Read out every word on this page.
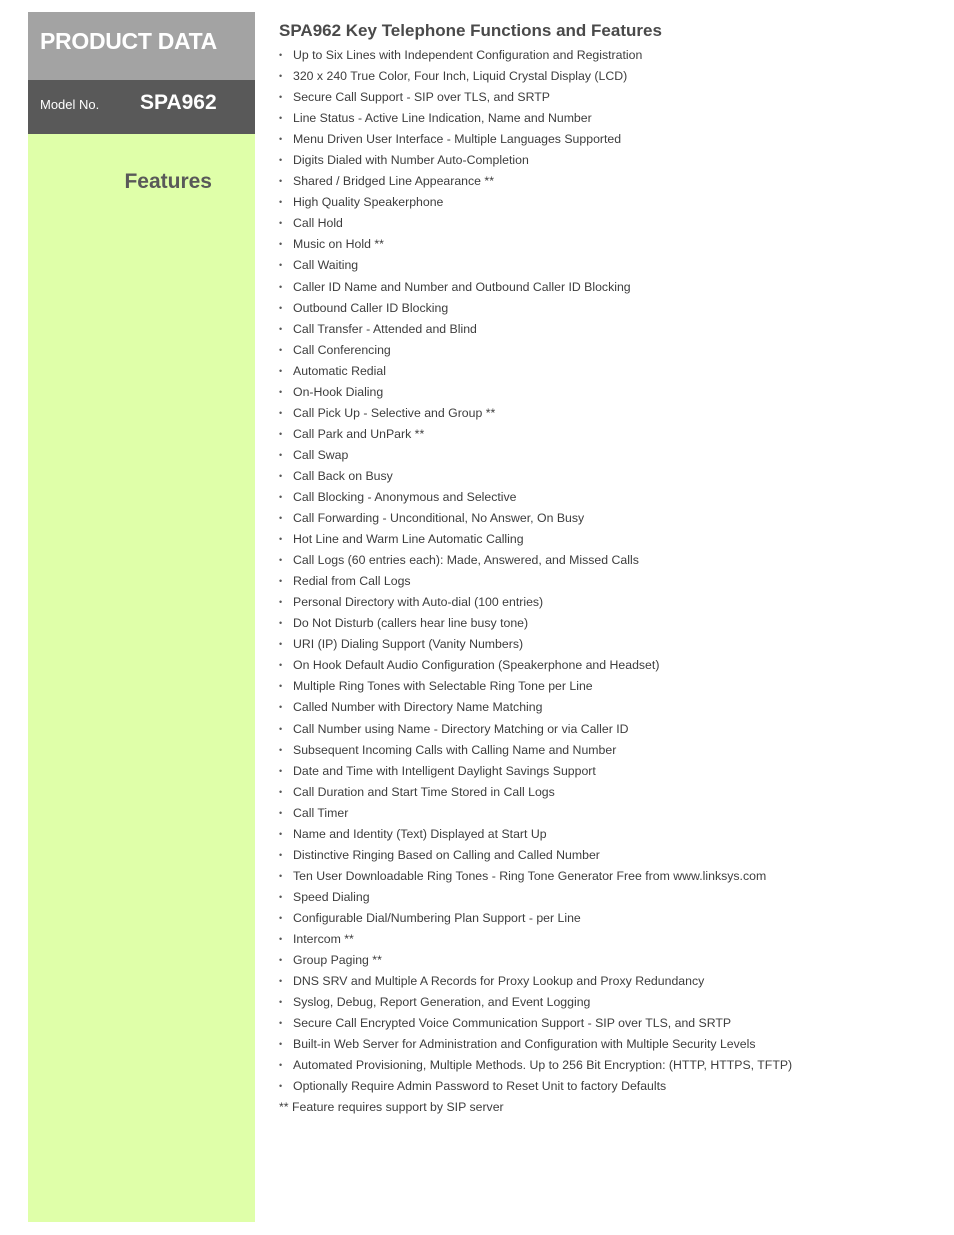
PRODUCT DATA
Model No. SPA962
Features
SPA962 Key Telephone Functions and Features
• Up to Six Lines with Independent Configuration and Registration
• 320 x 240 True Color, Four Inch, Liquid Crystal Display (LCD)
• Secure Call Support - SIP over TLS, and SRTP
• Line Status - Active Line Indication, Name and Number
• Menu Driven User Interface - Multiple Languages Supported
• Digits Dialed with Number Auto-Completion
• Shared / Bridged Line Appearance **
• High Quality Speakerphone
• Call Hold
• Music on Hold **
• Call Waiting
• Caller ID Name and Number and Outbound Caller ID Blocking
• Outbound Caller ID Blocking
• Call Transfer - Attended and Blind
• Call Conferencing
• Automatic Redial
• On-Hook Dialing
• Call Pick Up - Selective and Group **
• Call Park and UnPark **
• Call Swap
• Call Back on Busy
• Call Blocking - Anonymous and Selective
• Call Forwarding - Unconditional, No Answer, On Busy
• Hot Line and Warm Line Automatic Calling
• Call Logs (60 entries each): Made, Answered, and Missed Calls
• Redial from Call Logs
• Personal Directory with Auto-dial (100 entries)
• Do Not Disturb (callers hear line busy tone)
• URI (IP) Dialing Support (Vanity Numbers)
• On Hook Default Audio Configuration (Speakerphone and Headset)
• Multiple Ring Tones with Selectable Ring Tone per Line
• Called Number with Directory Name Matching
• Call Number using Name - Directory Matching or via Caller ID
• Subsequent Incoming Calls with Calling Name and Number
• Date and Time with Intelligent Daylight Savings Support
• Call Duration and Start Time Stored in Call Logs
• Call Timer
• Name and Identity (Text) Displayed at Start Up
• Distinctive Ringing Based on Calling and Called Number
• Ten User Downloadable Ring Tones - Ring Tone Generator Free from www.linksys.com
• Speed Dialing
• Configurable Dial/Numbering Plan Support - per Line
• Intercom **
• Group Paging **
• DNS SRV and Multiple A Records for Proxy Lookup and Proxy Redundancy
• Syslog, Debug, Report Generation, and Event Logging
• Secure Call Encrypted Voice Communication Support - SIP over TLS, and SRTP
• Built-in Web Server for Administration and Configuration with Multiple Security Levels
• Automated Provisioning, Multiple Methods. Up to 256 Bit Encryption: (HTTP, HTTPS, TFTP)
• Optionally Require Admin Password to Reset Unit to factory Defaults
** Feature requires support by SIP server
